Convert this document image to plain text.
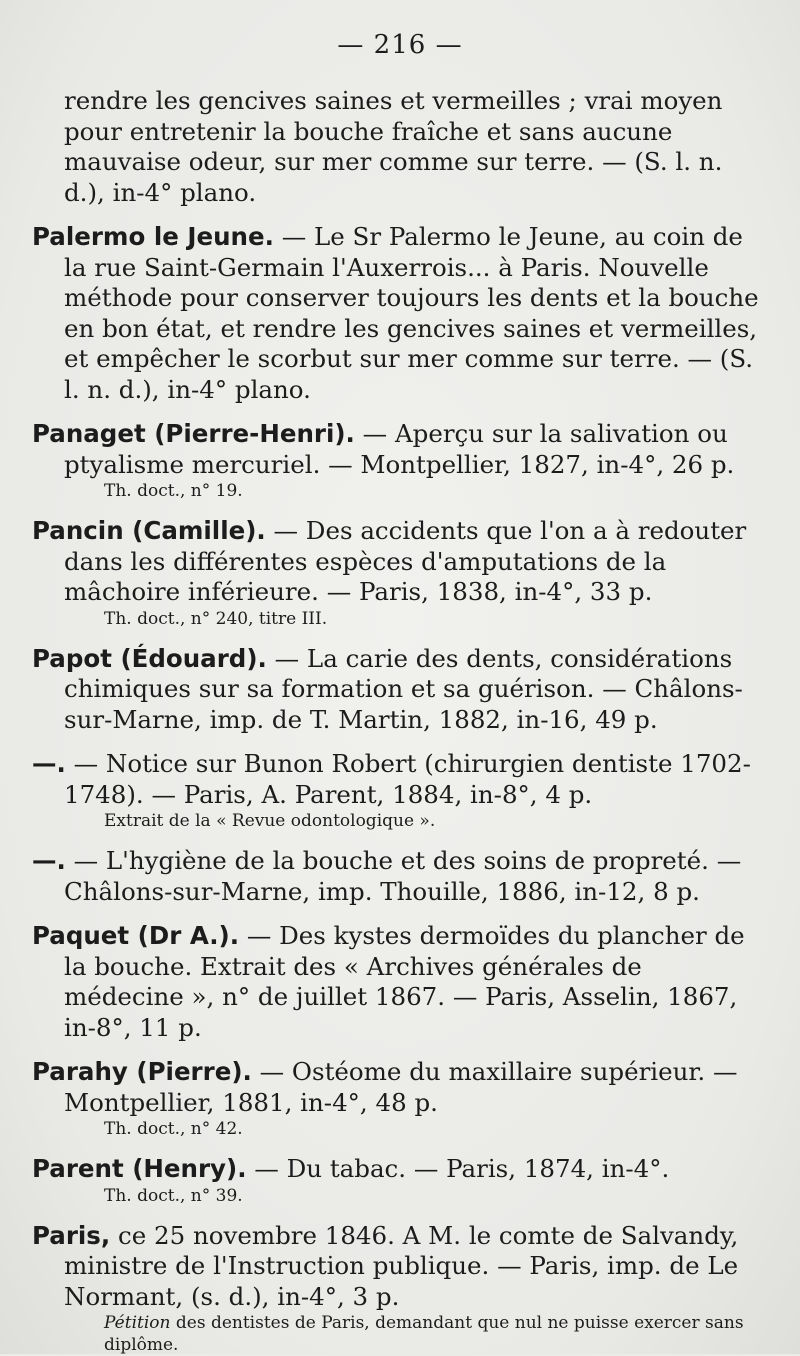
— 216 —

rendre les gencives saines et vermeilles ; vrai moyen pour entretenir la bouche fraîche et sans aucune mauvaise odeur, sur mer comme sur terre. — (S. l. n. d.), in-4° plano.

Palermo le Jeune. — Le Sr Palermo le Jeune, au coin de la rue Saint-Germain l'Auxerrois... à Paris. Nouvelle méthode pour conserver toujours les dents et la bouche en bon état, et rendre les gencives saines et vermeilles, et empêcher le scorbut sur mer comme sur terre. — (S. l. n. d.), in-4° plano.

Panaget (Pierre-Henri). — Aperçu sur la salivation ou ptyalisme mercuriel. — Montpellier, 1827, in-4°, 26 p.

Th. doct., n° 19.

Pancin (Camille). — Des accidents que l'on a à redouter dans les différentes espèces d'amputations de la mâchoire inférieure. — Paris, 1838, in-4°, 33 p.

Th. doct., n° 240, titre III.

Papot (Édouard). — La carie des dents, considérations chimiques sur sa formation et sa guérison. — Châlons-sur-Marne, imp. de T. Martin, 1882, in-16, 49 p.

—. — Notice sur Bunon Robert (chirurgien dentiste 1702-1748). — Paris, A. Parent, 1884, in-8°, 4 p.

Extrait de la « Revue odontologique ».

—. — L'hygiène de la bouche et des soins de propreté. — Châlons-sur-Marne, imp. Thouille, 1886, in-12, 8 p.

Paquet (Dr A.). — Des kystes dermoïdes du plancher de la bouche. Extrait des « Archives générales de médecine », n° de juillet 1867. — Paris, Asselin, 1867, in-8°, 11 p.

Parahy (Pierre). — Ostéome du maxillaire supérieur. — Montpellier, 1881, in-4°, 48 p.

Th. doct., n° 42.

Parent (Henry). — Du tabac. — Paris, 1874, in-4°.

Th. doct., n° 39.

Paris, ce 25 novembre 1846. A M. le comte de Salvandy, ministre de l'Instruction publique. — Paris, imp. de Le Normant, (s. d.), in-4°, 3 p.

Pétition des dentistes de Paris, demandant que nul ne puisse exercer sans diplôme.
